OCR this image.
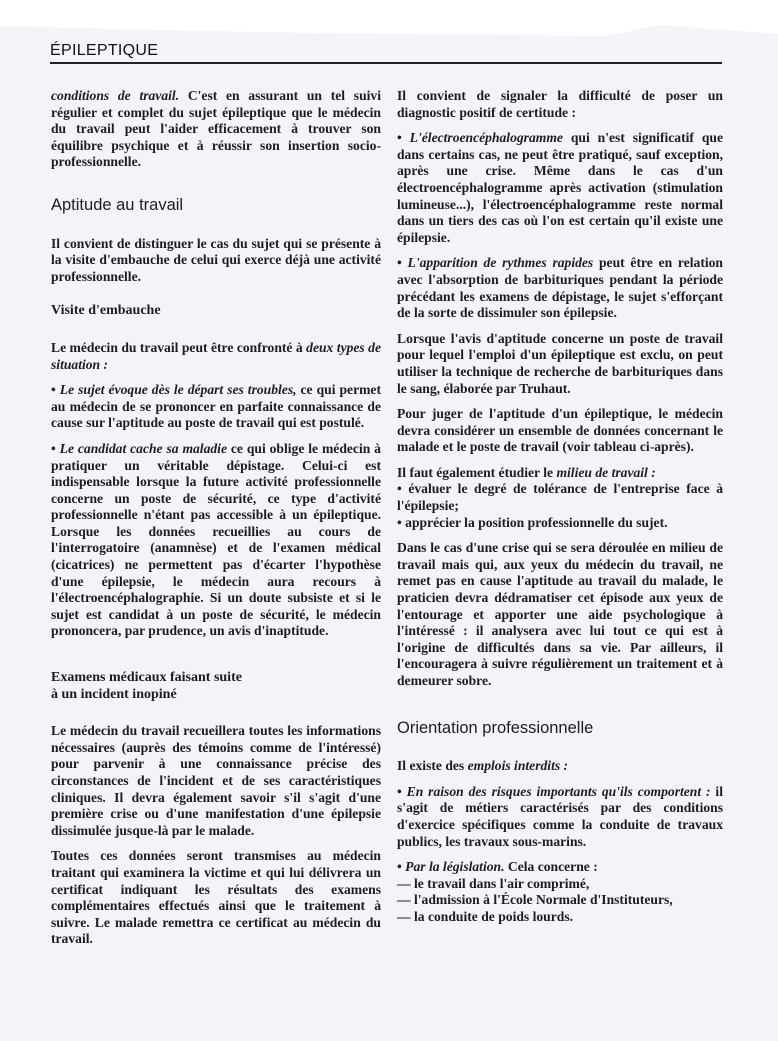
ÉPILEPTIQUE

conditions de travail. C'est en assurant un tel suivi régulier et complet du sujet épileptique que le médecin du travail peut l'aider efficacement à trouver son équilibre psychique et à réussir son insertion socio-professionnelle.

Aptitude au travail

Il convient de distinguer le cas du sujet qui se présente à la visite d'embauche de celui qui exerce déjà une activité professionnelle.

Visite d'embauche

Le médecin du travail peut être confronté à deux types de situation :

• Le sujet évoque dès le départ ses troubles, ce qui permet au médecin de se prononcer en parfaite connaissance de cause sur l'aptitude au poste de travail qui est postulé.

• Le candidat cache sa maladie ce qui oblige le médecin à pratiquer un véritable dépistage. Celui-ci est indispensable lorsque la future activité professionnelle concerne un poste de sécurité, ce type d'activité professionnelle n'étant pas accessible à un épileptique. Lorsque les données recueillies au cours de l'interrogatoire (anamnèse) et de l'examen médical (cicatrices) ne permettent pas d'écarter l'hypothèse d'une épilepsie, le médecin aura recours à l'électroencéphalographie. Si un doute subsiste et si le sujet est candidat à un poste de sécurité, le médecin prononcera, par prudence, un avis d'inaptitude.

Examens médicaux faisant suite
à un incident inopiné

Le médecin du travail recueillera toutes les informations nécessaires (auprès des témoins comme de l'intéressé) pour parvenir à une connaissance précise des circonstances de l'incident et de ses caractéristiques cliniques. Il devra également savoir s'il s'agit d'une première crise ou d'une manifestation d'une épilepsie dissimulée jusque-là par le malade.

Toutes ces données seront transmises au médecin traitant qui examinera la victime et qui lui délivrera un certificat indiquant les résultats des examens complémentaires effectués ainsi que le traitement à suivre. Le malade remettra ce certificat au médecin du travail.

Il convient de signaler la difficulté de poser un diagnostic positif de certitude :

• L'électroencéphalogramme qui n'est significatif que dans certains cas, ne peut être pratiqué, sauf exception, après une crise. Même dans le cas d'un électroencéphalogramme après activation (stimulation lumineuse...), l'électroencéphalogramme reste normal dans un tiers des cas où l'on est certain qu'il existe une épilepsie.

• L'apparition de rythmes rapides peut être en relation avec l'absorption de barbituriques pendant la période précédant les examens de dépistage, le sujet s'efforçant de la sorte de dissimuler son épilepsie.

Lorsque l'avis d'aptitude concerne un poste de travail pour lequel l'emploi d'un épileptique est exclu, on peut utiliser la technique de recherche de barbituriques dans le sang, élaborée par Truhaut.

Pour juger de l'aptitude d'un épileptique, le médecin devra considérer un ensemble de données concernant le malade et le poste de travail (voir tableau ci-après).

Il faut également étudier le milieu de travail :

• évaluer le degré de tolérance de l'entreprise face à l'épilepsie;

• apprécier la position professionnelle du sujet.

Dans le cas d'une crise qui se sera déroulée en milieu de travail mais qui, aux yeux du médecin du travail, ne remet pas en cause l'aptitude au travail du malade, le praticien devra dédramatiser cet épisode aux yeux de l'entourage et apporter une aide psychologique à l'intéressé : il analysera avec lui tout ce qui est à l'origine de difficultés dans sa vie. Par ailleurs, il l'encouragera à suivre régulièrement un traitement et à demeurer sobre.

Orientation professionnelle

Il existe des emplois interdits :

• En raison des risques importants qu'ils comportent : il s'agit de métiers caractérisés par des conditions d'exercice spécifiques comme la conduite de travaux publics, les travaux sous-marins.

• Par la législation. Cela concerne :

— le travail dans l'air comprimé,

— l'admission à l'École Normale d'Instituteurs,

— la conduite de poids lourds.
